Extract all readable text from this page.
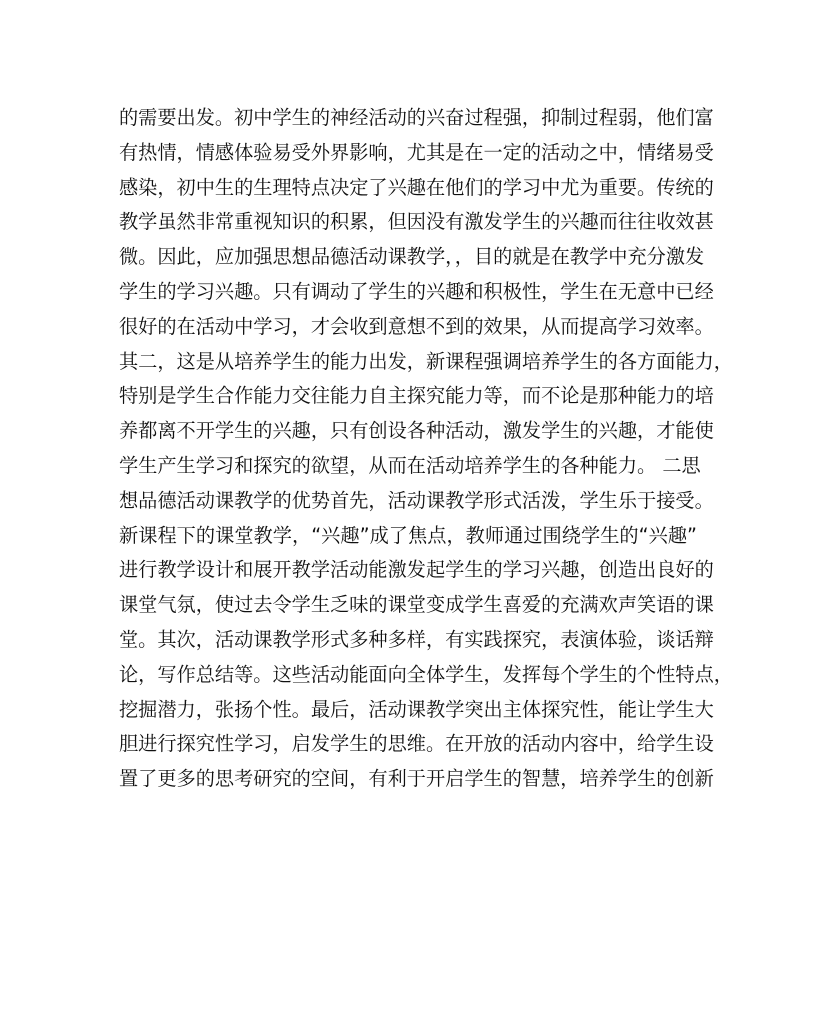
的需要出发。初中学生的神经活动的兴奋过程强，抑制过程弱，他们富
有热情，情感体验易受外界影响，尤其是在一定的活动之中，情绪易受
感染，初中生的生理特点决定了兴趣在他们的学习中尤为重要。传统的
教学虽然非常重视知识的积累，但因没有激发学生的兴趣而往往收效甚
微。因此，应加强思想品德活动课教学，，目的就是在教学中充分激发
学生的学习兴趣。只有调动了学生的兴趣和积极性，学生在无意中已经
很好的在活动中学习，才会收到意想不到的效果，从而提高学习效率。
其二，这是从培养学生的能力出发，新课程强调培养学生的各方面能力，
特别是学生合作能力交往能力自主探究能力等，而不论是那种能力的培
养都离不开学生的兴趣，只有创设各种活动，激发学生的兴趣，才能使
学生产生学习和探究的欲望，从而在活动培养学生的各种能力。 二思
想品德活动课教学的优势首先，活动课教学形式活泼，学生乐于接受。
新课程下的课堂教学，“兴趣”成了焦点，教师通过围绕学生的“兴趣”
进行教学设计和展开教学活动能激发起学生的学习兴趣，创造出良好的
课堂气氛，使过去令学生乏味的课堂变成学生喜爱的充满欢声笑语的课
堂。其次，活动课教学形式多种多样，有实践探究，表演体验，谈话辩
论，写作总结等。这些活动能面向全体学生，发挥每个学生的个性特点，
挖掘潜力，张扬个性。最后，活动课教学突出主体探究性，能让学生大
胆进行探究性学习，启发学生的思维。在开放的活动内容中，给学生设
置了更多的思考研究的空间，有利于开启学生的智慧，培养学生的创新
